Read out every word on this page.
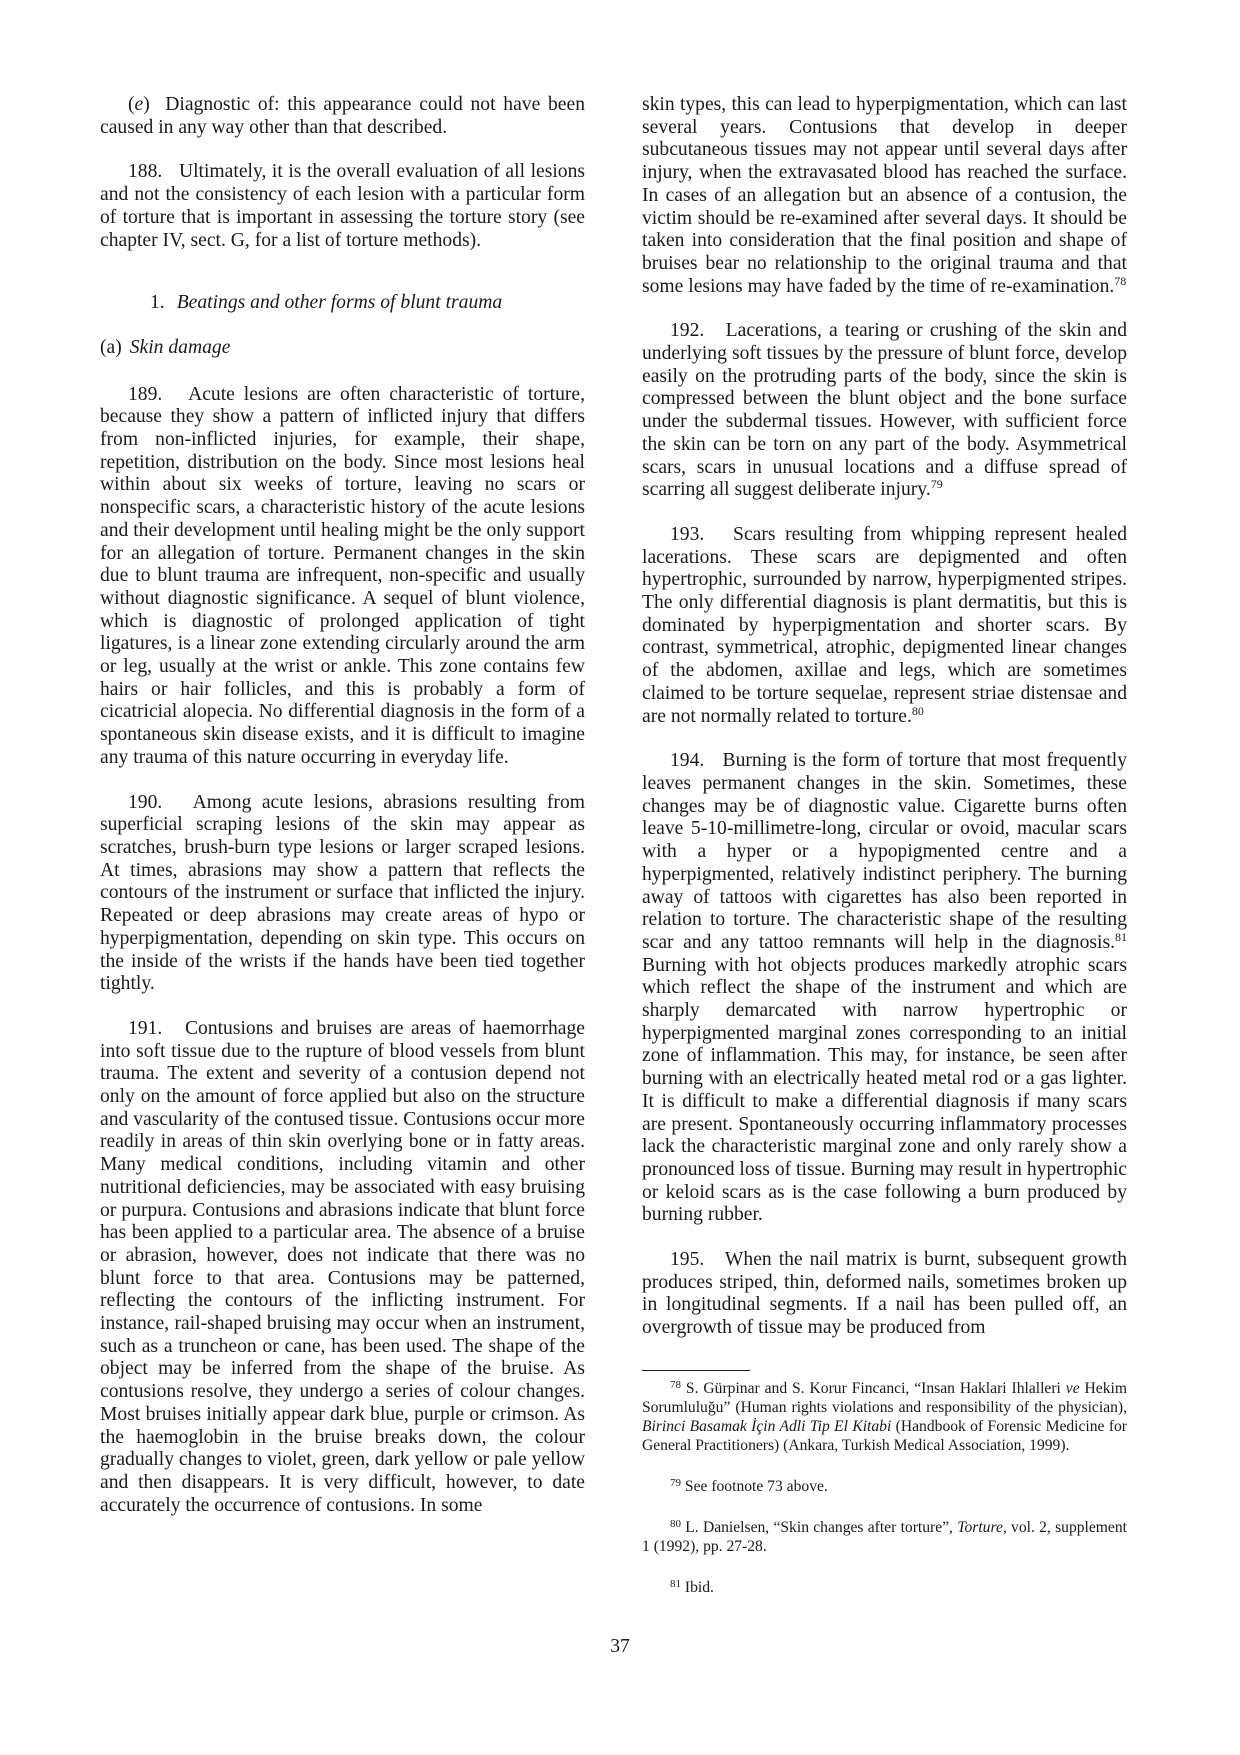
(e)  Diagnostic of: this appearance could not have been caused in any way other than that described.

188. Ultimately, it is the overall evaluation of all lesions and not the consistency of each lesion with a particular form of torture that is important in assessing the torture story (see chapter IV, sect. G, for a list of torture methods).

1. Beatings and other forms of blunt trauma
(a) Skin damage

189. Acute lesions are often characteristic of torture, because they show a pattern of inflicted injury that differs from non-inflicted injuries, for example, their shape, repetition, distribution on the body. Since most lesions heal within about six weeks of torture, leaving no scars or nonspecific scars, a characteristic history of the acute lesions and their development until healing might be the only support for an allegation of torture. Permanent changes in the skin due to blunt trauma are infrequent, non-specific and usually without diagnostic significance. A sequel of blunt violence, which is diagnostic of prolonged application of tight ligatures, is a linear zone extending circularly around the arm or leg, usually at the wrist or ankle. This zone contains few hairs or hair follicles, and this is probably a form of cicatricial alopecia. No differential diagnosis in the form of a spontaneous skin disease exists, and it is difficult to imagine any trauma of this nature occurring in everyday life.

190. Among acute lesions, abrasions resulting from superficial scraping lesions of the skin may appear as scratches, brush-burn type lesions or larger scraped lesions. At times, abrasions may show a pattern that reflects the contours of the instrument or surface that inflicted the injury. Repeated or deep abrasions may create areas of hypo or hyperpigmentation, depending on skin type. This occurs on the inside of the wrists if the hands have been tied together tightly.

191. Contusions and bruises are areas of haemorrhage into soft tissue due to the rupture of blood vessels from blunt trauma. The extent and severity of a contusion depend not only on the amount of force applied but also on the structure and vascularity of the contused tissue. Contusions occur more readily in areas of thin skin overlying bone or in fatty areas. Many medical conditions, including vitamin and other nutritional deficiencies, may be associated with easy bruising or purpura. Contusions and abrasions indicate that blunt force has been applied to a particular area. The absence of a bruise or abrasion, however, does not indicate that there was no blunt force to that area. Contusions may be patterned, reflecting the contours of the inflicting instrument. For instance, rail-shaped bruising may occur when an instrument, such as a truncheon or cane, has been used. The shape of the object may be inferred from the shape of the bruise. As contusions resolve, they undergo a series of colour changes. Most bruises initially appear dark blue, purple or crimson. As the haemoglobin in the bruise breaks down, the colour gradually changes to violet, green, dark yellow or pale yellow and then disappears. It is very difficult, however, to date accurately the occurrence of contusions. In some

skin types, this can lead to hyperpigmentation, which can last several years. Contusions that develop in deeper subcutaneous tissues may not appear until several days after injury, when the extravasated blood has reached the surface. In cases of an allegation but an absence of a contusion, the victim should be re-examined after several days. It should be taken into consideration that the final position and shape of bruises bear no relationship to the original trauma and that some lesions may have faded by the time of re-examination.$^{78}$

192. Lacerations, a tearing or crushing of the skin and underlying soft tissues by the pressure of blunt force, develop easily on the protruding parts of the body, since the skin is compressed between the blunt object and the bone surface under the subdermal tissues. However, with sufficient force the skin can be torn on any part of the body. Asymmetrical scars, scars in unusual locations and a diffuse spread of scarring all suggest deliberate injury.$^{79}$

193. Scars resulting from whipping represent healed lacerations. These scars are depigmented and often hypertrophic, surrounded by narrow, hyperpigmented stripes. The only differential diagnosis is plant dermatitis, but this is dominated by hyperpigmentation and shorter scars. By contrast, symmetrical, atrophic, depigmented linear changes of the abdomen, axillae and legs, which are sometimes claimed to be torture sequelae, represent striae distensae and are not normally related to torture.$^{80}$

194. Burning is the form of torture that most frequently leaves permanent changes in the skin. Sometimes, these changes may be of diagnostic value. Cigarette burns often leave 5-10-millimetre-long, circular or ovoid, macular scars with a hyper or a hypopigmented centre and a hyperpigmented, relatively indistinct periphery. The burning away of tattoos with cigarettes has also been reported in relation to torture. The characteristic shape of the resulting scar and any tattoo remnants will help in the diagnosis.$^{81}$ Burning with hot objects produces markedly atrophic scars which reflect the shape of the instrument and which are sharply demarcated with narrow hypertrophic or hyperpigmented marginal zones corresponding to an initial zone of inflammation. This may, for instance, be seen after burning with an electrically heated metal rod or a gas lighter. It is difficult to make a differential diagnosis if many scars are present. Spontaneously occurring inflammatory processes lack the characteristic marginal zone and only rarely show a pronounced loss of tissue. Burning may result in hypertrophic or keloid scars as is the case following a burn produced by burning rubber.

195. When the nail matrix is burnt, subsequent growth produces striped, thin, deformed nails, sometimes broken up in longitudinal segments. If a nail has been pulled off, an overgrowth of tissue may be produced from

$^{78}$ S. Gürpinar and S. Korur Fincanci, “Insan Haklari Ihlalleri ve Hekim Sorumluluğu” (Human rights violations and responsibility of the physician), Birinci Basamak İçin Adli Tip El Kitabi (Handbook of Forensic Medicine for General Practitioners) (Ankara, Turkish Medical Association, 1999).

$^{79}$ See footnote 73 above.

$^{80}$ L. Danielsen, “Skin changes after torture”, Torture, vol. 2, supplement 1 (1992), pp. 27-28.

$^{81}$ Ibid.

37
